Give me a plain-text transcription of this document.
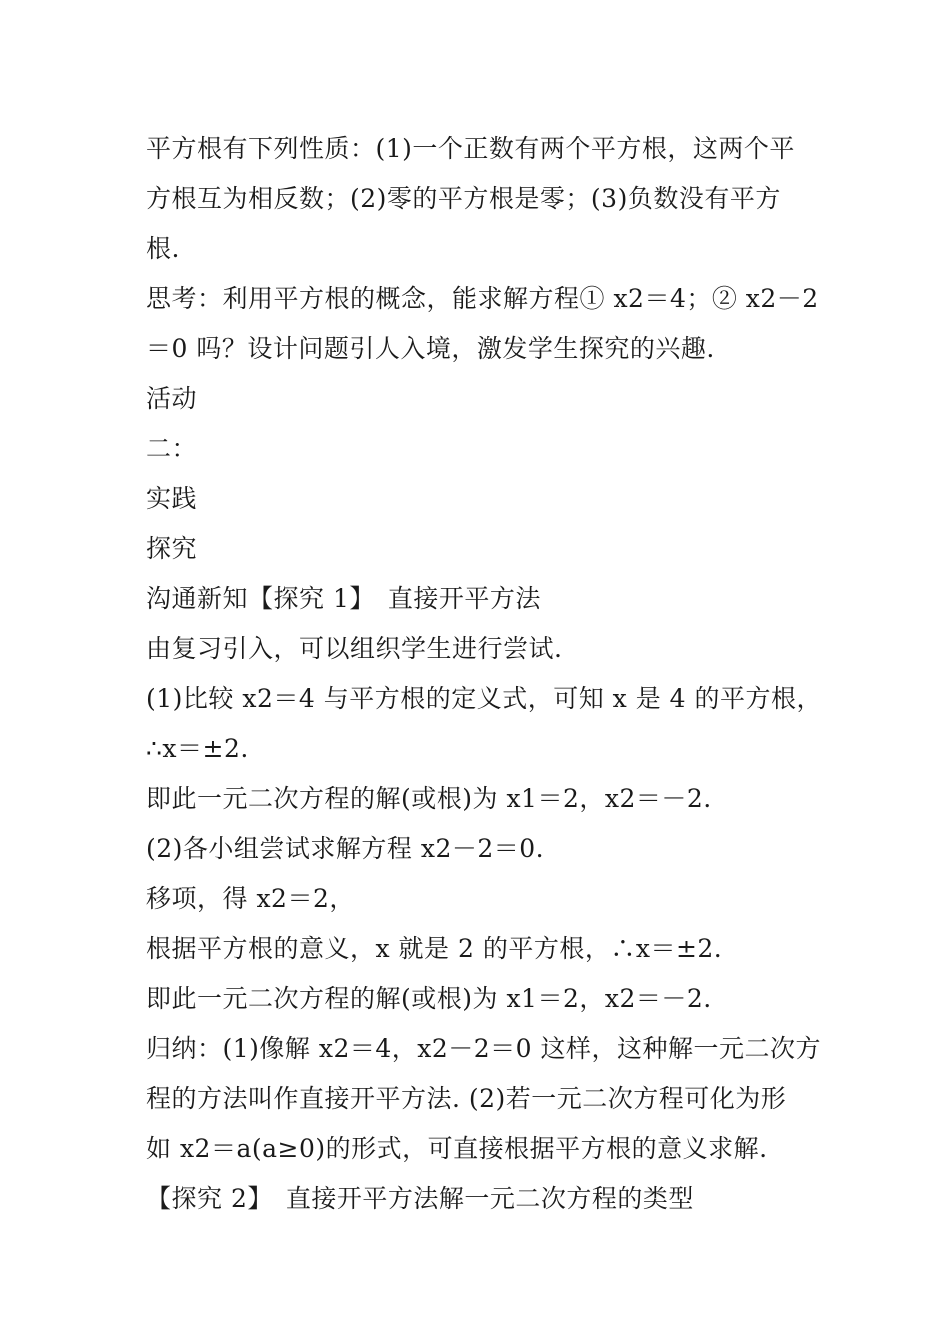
平方根有下列性质：(1)一个正数有两个平方根，这两个平
方根互为相反数；(2)零的平方根是零；(3)负数没有平方
根.
思考：利用平方根的概念，能求解方程① x2＝4；② x2－2
＝0 吗？设计问题引人入境，激发学生探究的兴趣.
活动
二：
实践
探究
沟通新知【探究 1】　直接开平方法
由复习引入，可以组织学生进行尝试.
(1)比较 x2＝4 与平方根的定义式，可知 x 是 4 的平方根，
∴x＝±2.
即此一元二次方程的解(或根)为 x1＝2，x2＝－2.
(2)各小组尝试求解方程 x2－2＝0.
移项，得 x2＝2，
根据平方根的意义，x 就是 2 的平方根，∴x＝±2.
即此一元二次方程的解(或根)为 x1＝2，x2＝－2.
归纳：(1)像解 x2＝4，x2－2＝0 这样，这种解一元二次方
程的方法叫作直接开平方法. (2)若一元二次方程可化为形
如 x2＝a(a≥0)的形式，可直接根据平方根的意义求解.
【探究 2】　直接开平方法解一元二次方程的类型
